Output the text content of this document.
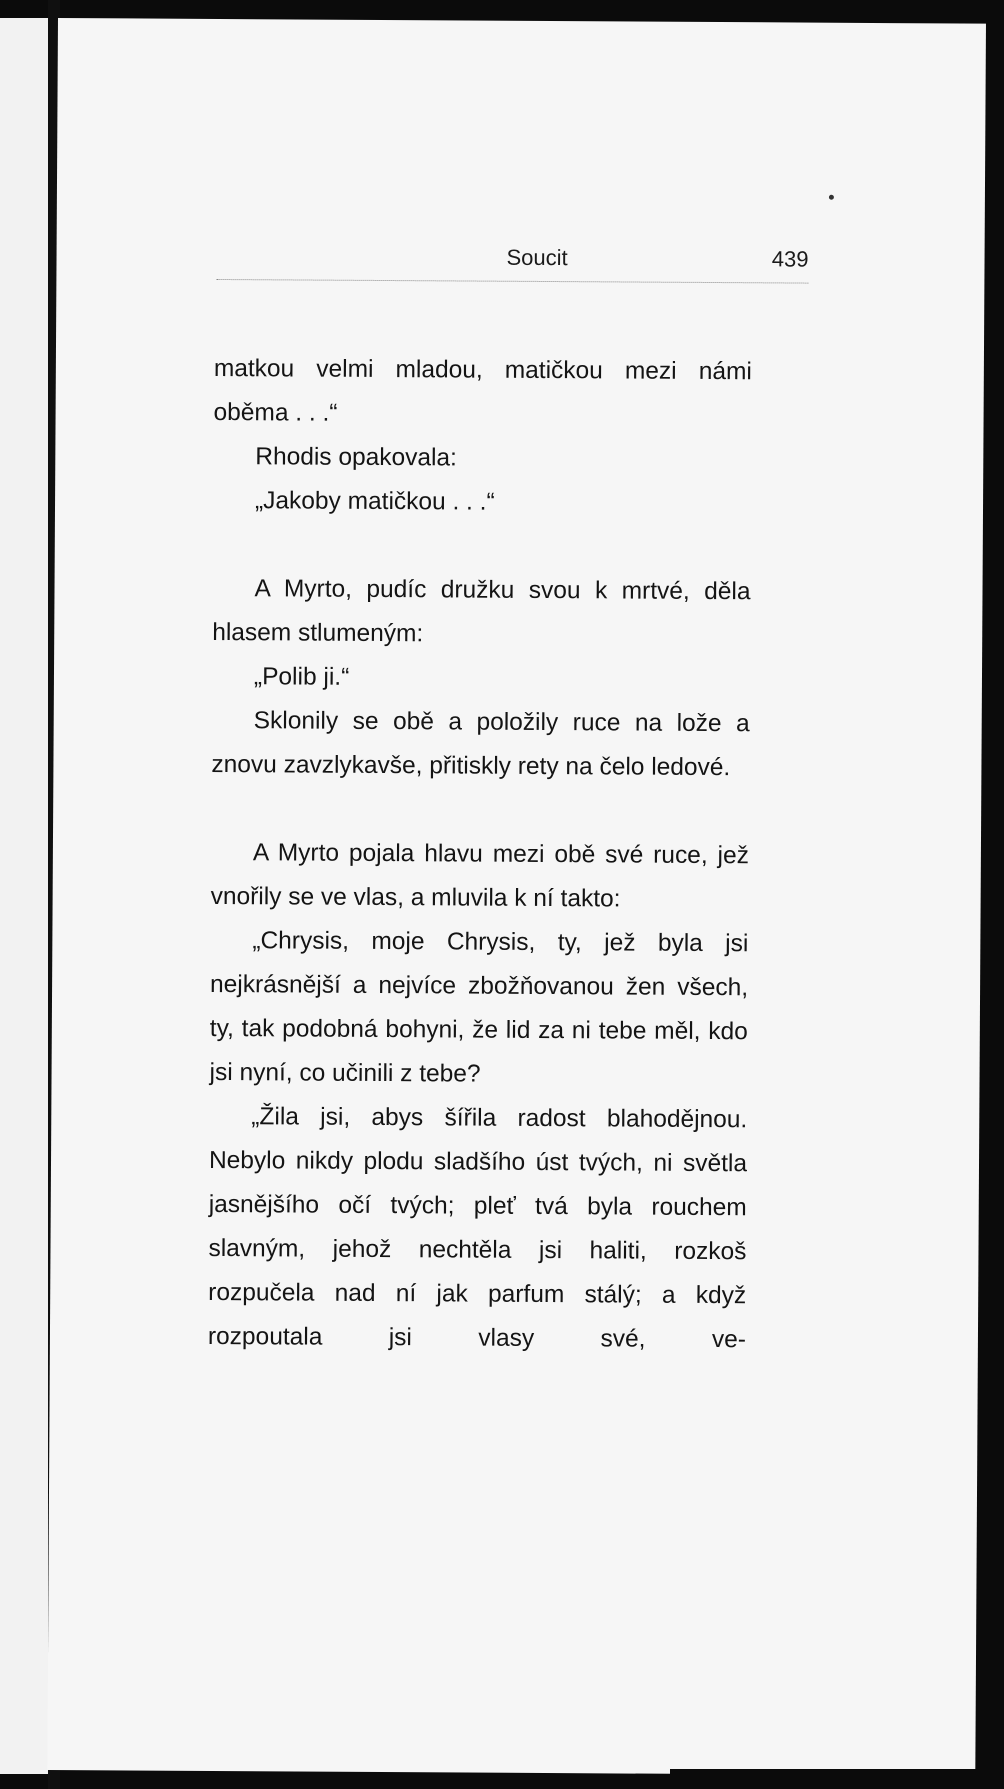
Soucit	439

matkou velmi mladou, matičkou mezi námi oběma . . .“

Rhodis opakovala:

„Jakoby matičkou . . .“

A Myrto, pudíc družku svou k mrtvé, děla hlasem stlumeným:

„Polib ji.“

Sklonily se obě a položily ruce na lože a znovu zavzlykavše, přitiskly rety na čelo ledové.

A Myrto pojala hlavu mezi obě své ruce, jež vnořily se ve vlas, a mluvila k ní takto:

„Chrysis, moje Chrysis, ty, jež byla jsi nejkrásnější a nejvíce zbožňovanou žen všech, ty, tak podobná bohyni, že lid za ni tebe měl, kdo jsi nyní, co učinili z tebe?

„Žila jsi, abys šířila radost blahodějnou. Nebylo nikdy plodu sladšího úst tvých, ni světla jasnějšího očí tvých; pleť tvá byla rouchem slavným, jehož nechtěla jsi haliti, rozkoš rozpučela nad ní jak parfum stálý; a když rozpoutala jsi vlasy své, ve-
